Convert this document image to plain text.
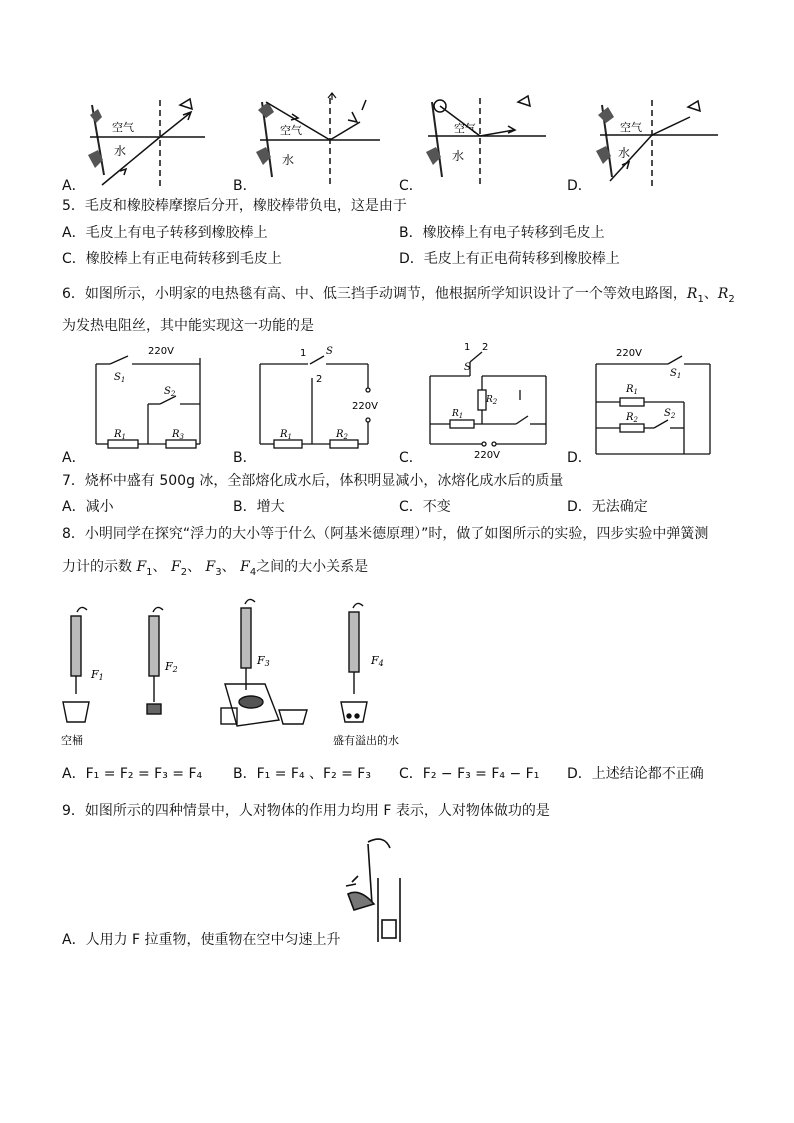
空气
水
A．
空气
水
B．
空气
水
C．
空气
水
D．
5．毛皮和橡胶棒摩擦后分开，橡胶棒带负电，这是由于
A．毛皮上有电子转移到橡胶棒上	B．橡胶棒上有电子转移到毛皮上
C．橡胶棒上有正电荷转移到毛皮上	D．毛皮上有正电荷转移到橡胶棒上
6．如图所示，小明家的电热毯有高、中、低三挡手动调节，他根据所学知识设计了一个等效电路图，$R_1$、$R_2$
为发热电阻丝，其中能实现这一功能的是
220V
$S_1$
$S_2$
$R_1$	$R_3$
A．
1 S
2
220V
$R_1$	$R_2$
B．
1 2
S
$R_2$
$R_1$
220V
C．
220V
$S_1$
$R_1$
$R_2$
$S_2$
D．
7．烧杯中盛有 500g 冰，全部熔化成水后，体积明显减小，冰熔化成水后的质量
A．减小	B．增大	C．不变	D．无法确定
8．小明同学在探究“浮力的大小等于什么（阿基米德原理）”时，做了如图所示的实验，四步实验中弹簧测
力计的示数 $F_1$、 $F_2$、 $F_3$、 $F_4$之间的大小关系是
F1
F2
F3	F4
空桶	盛有溢出的水
A．F₁ = F₂ = F₃ = F₄ B．F₁ = F₄ 、F₂ = F₃ C．F₂ − F₃ = F₄ − F₁ D．上述结论都不正确
9．如图所示的四种情景中，人对物体的作用力均用 F 表示，人对物体做功的是
A．人用力 F 拉重物，使重物在空中匀速上升
